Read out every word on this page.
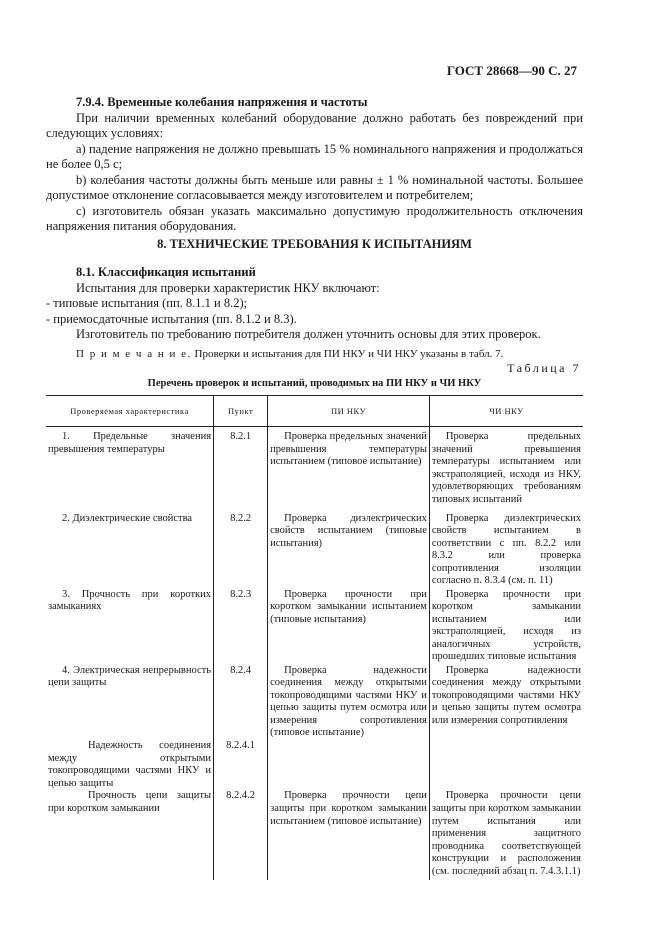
ГОСТ 28668—90 С. 27

7.9.4. Временные колебания напряжения и частоты

При наличии временных колебаний оборудование должно работать без повреждений при следующих условиях:

а) падение напряжения не должно превышать 15 % номинального напряжения и продолжаться не более 0,5 с;

b) колебания частоты должны быть меньше или равны ± 1 % номинальной частоты. Большее допустимое отклонение согласовывается между изготовителем и потребителем;

с) изготовитель обязан указать максимально допустимую продолжительность отключения напряжения питания оборудования.

8. ТЕХНИЧЕСКИЕ ТРЕБОВАНИЯ К ИСПЫТАНИЯМ

8.1. Классификация испытаний

Испытания для проверки характеристик НКУ включают:

- типовые испытания (пп. 8.1.1 и 8.2);

- приемосдаточные испытания (пп. 8.1.2 и 8.3).

Изготовитель по требованию потребителя должен уточнить основы для этих проверок.

П р и м е ч а н и е. Проверки и испытания для ПИ НКУ и ЧИ НКУ указаны в табл. 7.

Таблица 7
Перечень проверок и испытаний, проводимых на ПИ НКУ и ЧИ НКУ
Проверяемая характеристика	Пункт	ПИ НКУ	ЧИ НКУ

1. Предельные значения превышения температуры	8.2.1	Проверка предельных значений превышения температуры испытанием (типовое испытание)	Проверка предельных значений превышения температуры испытанием или экстраполяцией, исходя из НКУ, удовлетворяющих требованиям типовых испытаний

2. Диэлектрические свойства	8.2.2	Проверка диэлектрических свойств испытанием (типовые испытания)	Проверка диэлектрических свойств испытанием в соответствии с пп. 8.2.2 или 8.3.2 или проверка сопротивления изоляции согласно п. 8.3.4 (см. п. 11)

3. Прочность при коротких замыканиях	8.2.3	Проверка прочности при коротком замыкании испытанием (типовые испытания)	Проверка прочности при коротком замыкании испытанием или экстраполяцией, исходя из аналогичных устройств, прошедших типовые испытания

4. Электрическая непрерывность цепи защиты	8.2.4	Проверка надежности соединения между открытыми токопроводящими частями НКУ и цепью защиты путем осмотра или измерения сопротивления (типовое испытание)	Проверка надежности соединения между открытыми токопроводящими частями НКУ и цепью защиты путем осмотра или измерения сопротивления

Надежность соединения между открытыми токопроводящими частями НКУ и цепью защиты	8.2.4.1	

Прочность цепи защиты при коротком замыкании	8.2.4.2	Проверка прочности цепи защиты при коротком замыкании испытанием (типовое испытание)	Проверка прочности цепи защиты при коротком замыкании путем испытания или применения защитного проводника соответствующей конструкции и расположения (см. последний абзац п. 7.4.3.1.1)
